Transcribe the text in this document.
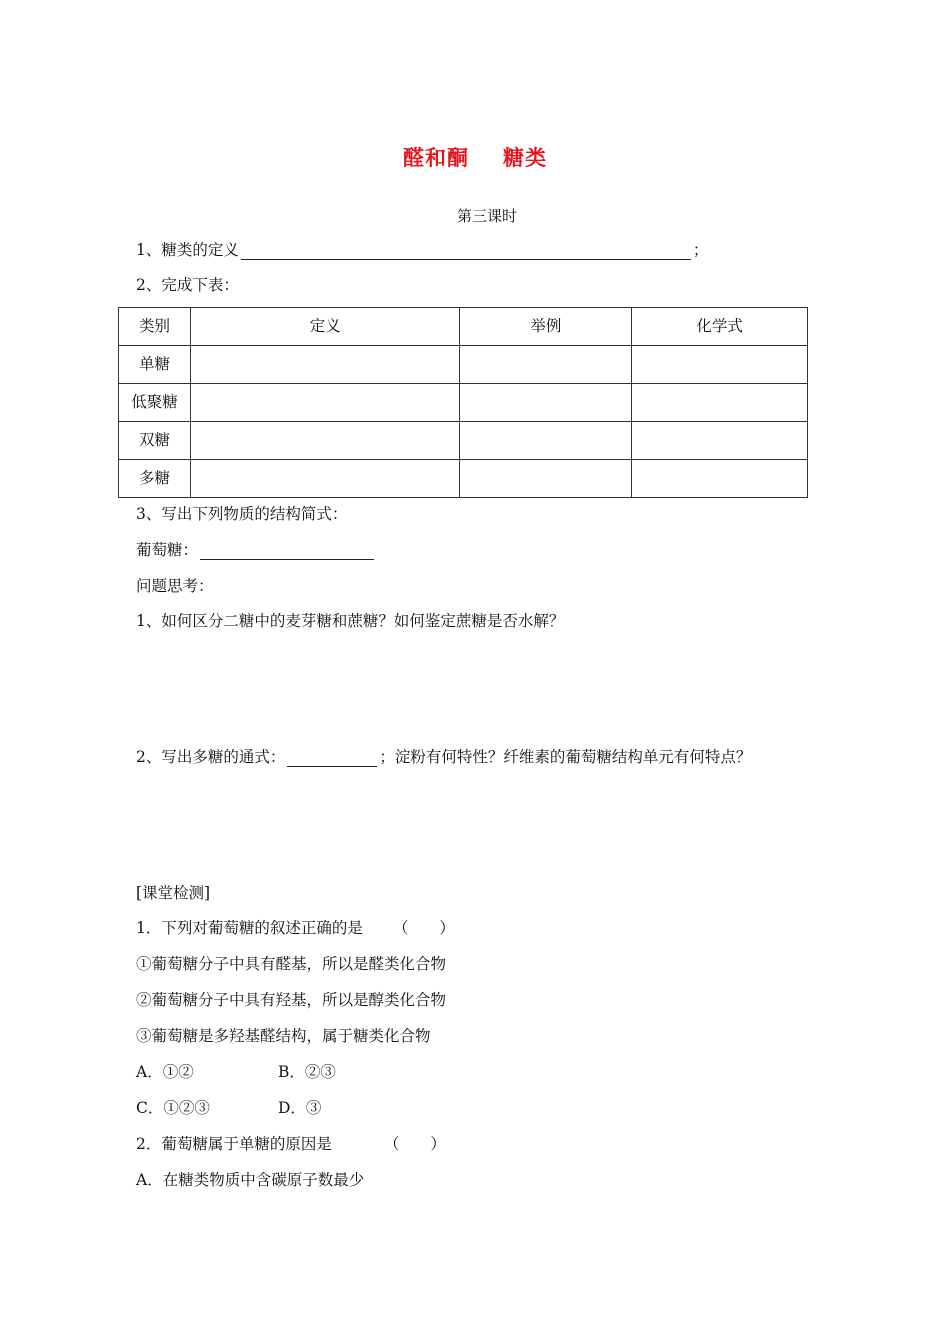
醛和酮 糖类
第三课时
1、糖类的定义	；
2、完成下表：
类别	定义	举例	化学式
单糖			
低聚糖			
双糖			
多糖			
3、写出下列物质的结构简式：
葡萄糖：
问题思考：
1、如何区分二糖中的麦芽糖和蔗糖？如何鉴定蔗糖是否水解？
2、写出多糖的通式：	；淀粉有何特性？纤维素的葡萄糖结构单元有何特点？
[课堂检测]
1．下列对葡萄糖的叙述正确的是 （　　）
①葡萄糖分子中具有醛基，所以是醛类化合物
②葡萄糖分子中具有羟基，所以是醇类化合物
③葡萄糖是多羟基醛结构，属于糖类化合物
A．①②	B．②③
C．①②③	D．③
2．葡萄糖属于单糖的原因是	（　　）
A．在糖类物质中含碳原子数最少
